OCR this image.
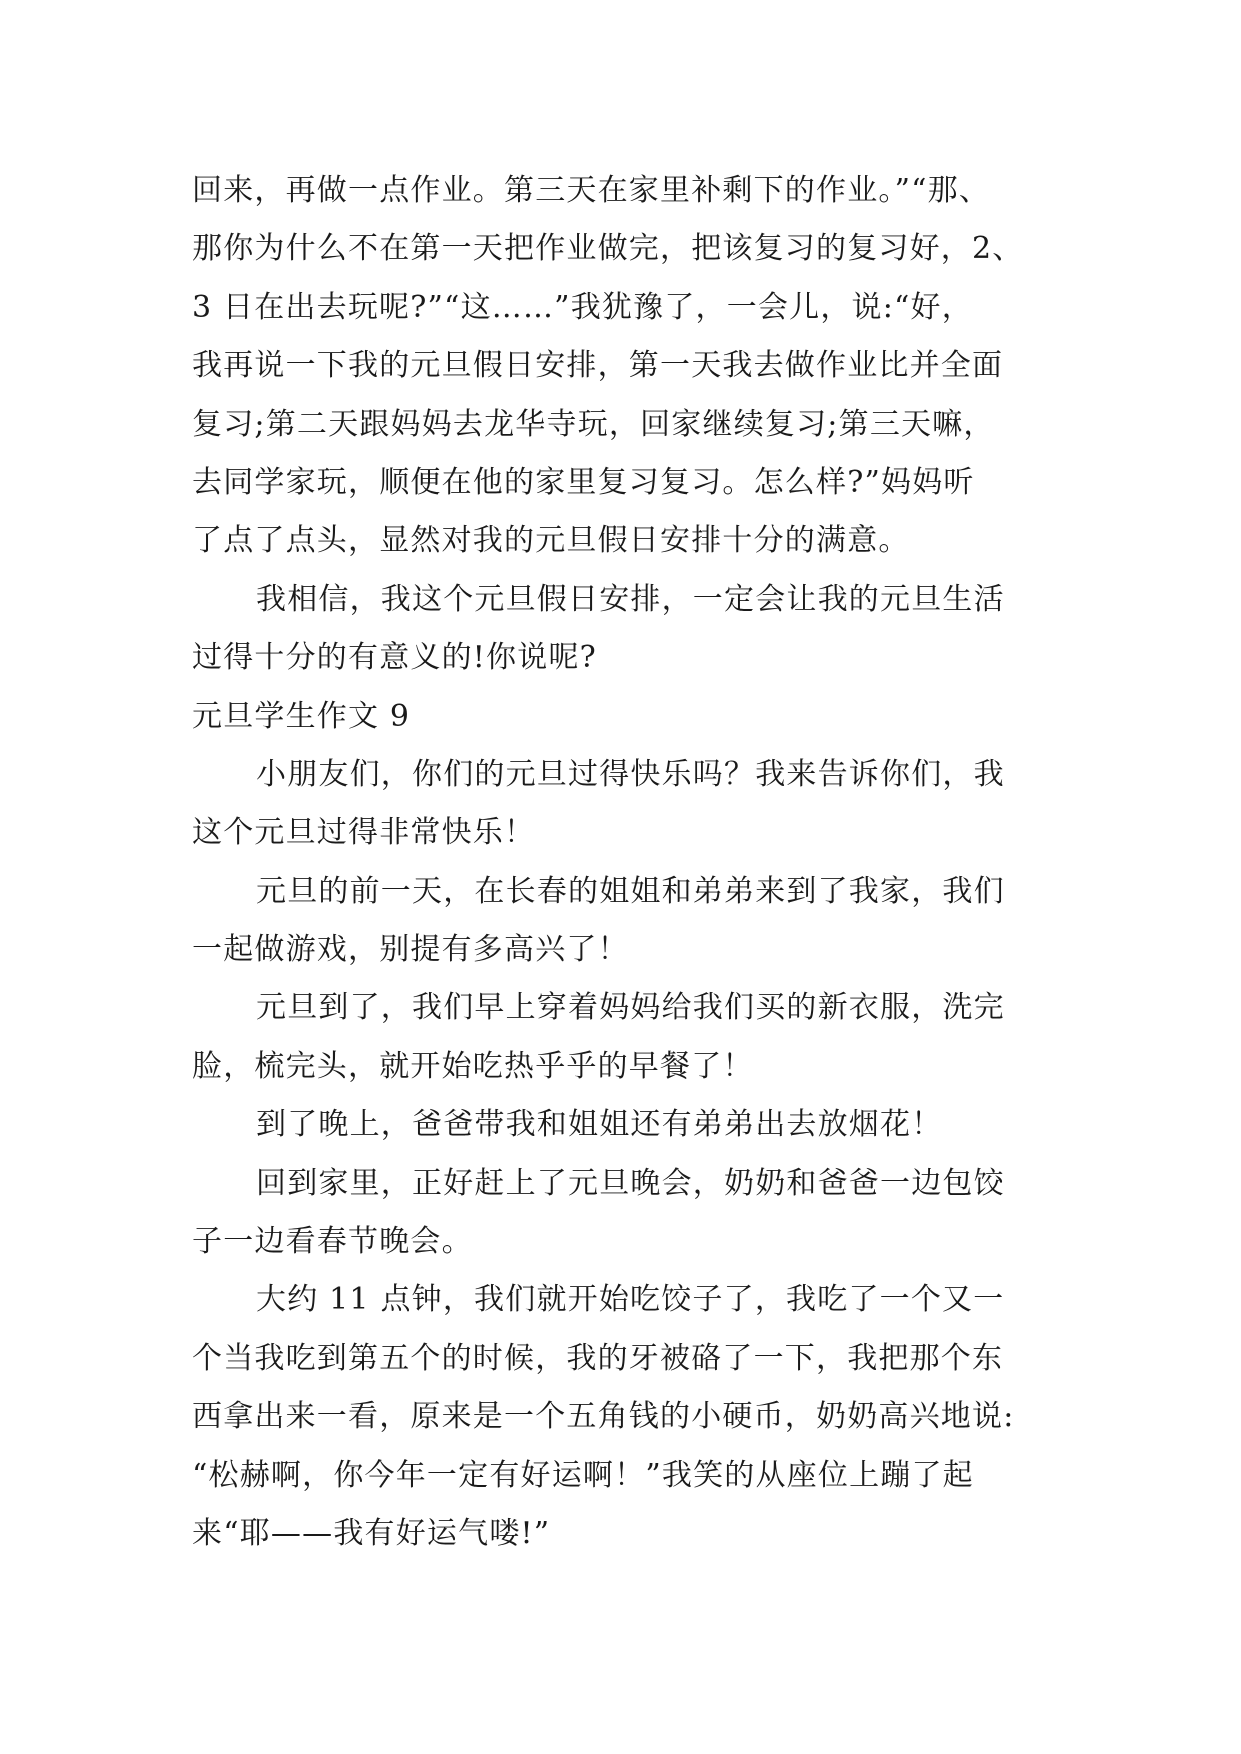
回来，再做一点作业。第三天在家里补剩下的作业。”“那、
那你为什么不在第一天把作业做完，把该复习的复习好，2、
3 日在出去玩呢?”“这……”我犹豫了，一会儿，说:“好，
我再说一下我的元旦假日安排，第一天我去做作业比并全面
复习;第二天跟妈妈去龙华寺玩，回家继续复习;第三天嘛，
去同学家玩，顺便在他的家里复习复习。怎么样?”妈妈听
了点了点头，显然对我的元旦假日安排十分的满意。
我相信，我这个元旦假日安排，一定会让我的元旦生活
过得十分的有意义的!你说呢?
元旦学生作文 9
小朋友们，你们的元旦过得快乐吗？我来告诉你们，我
这个元旦过得非常快乐！
元旦的前一天，在长春的姐姐和弟弟来到了我家，我们
一起做游戏，别提有多高兴了！
元旦到了，我们早上穿着妈妈给我们买的新衣服，洗完
脸，梳完头，就开始吃热乎乎的早餐了！
到了晚上，爸爸带我和姐姐还有弟弟出去放烟花！
回到家里，正好赶上了元旦晚会，奶奶和爸爸一边包饺
子一边看春节晚会。
大约 11 点钟，我们就开始吃饺子了，我吃了一个又一
个当我吃到第五个的时候，我的牙被硌了一下，我把那个东
西拿出来一看，原来是一个五角钱的小硬币，奶奶高兴地说:
“松赫啊，你今年一定有好运啊！”我笑的从座位上蹦了起
来“耶——我有好运气喽!”
